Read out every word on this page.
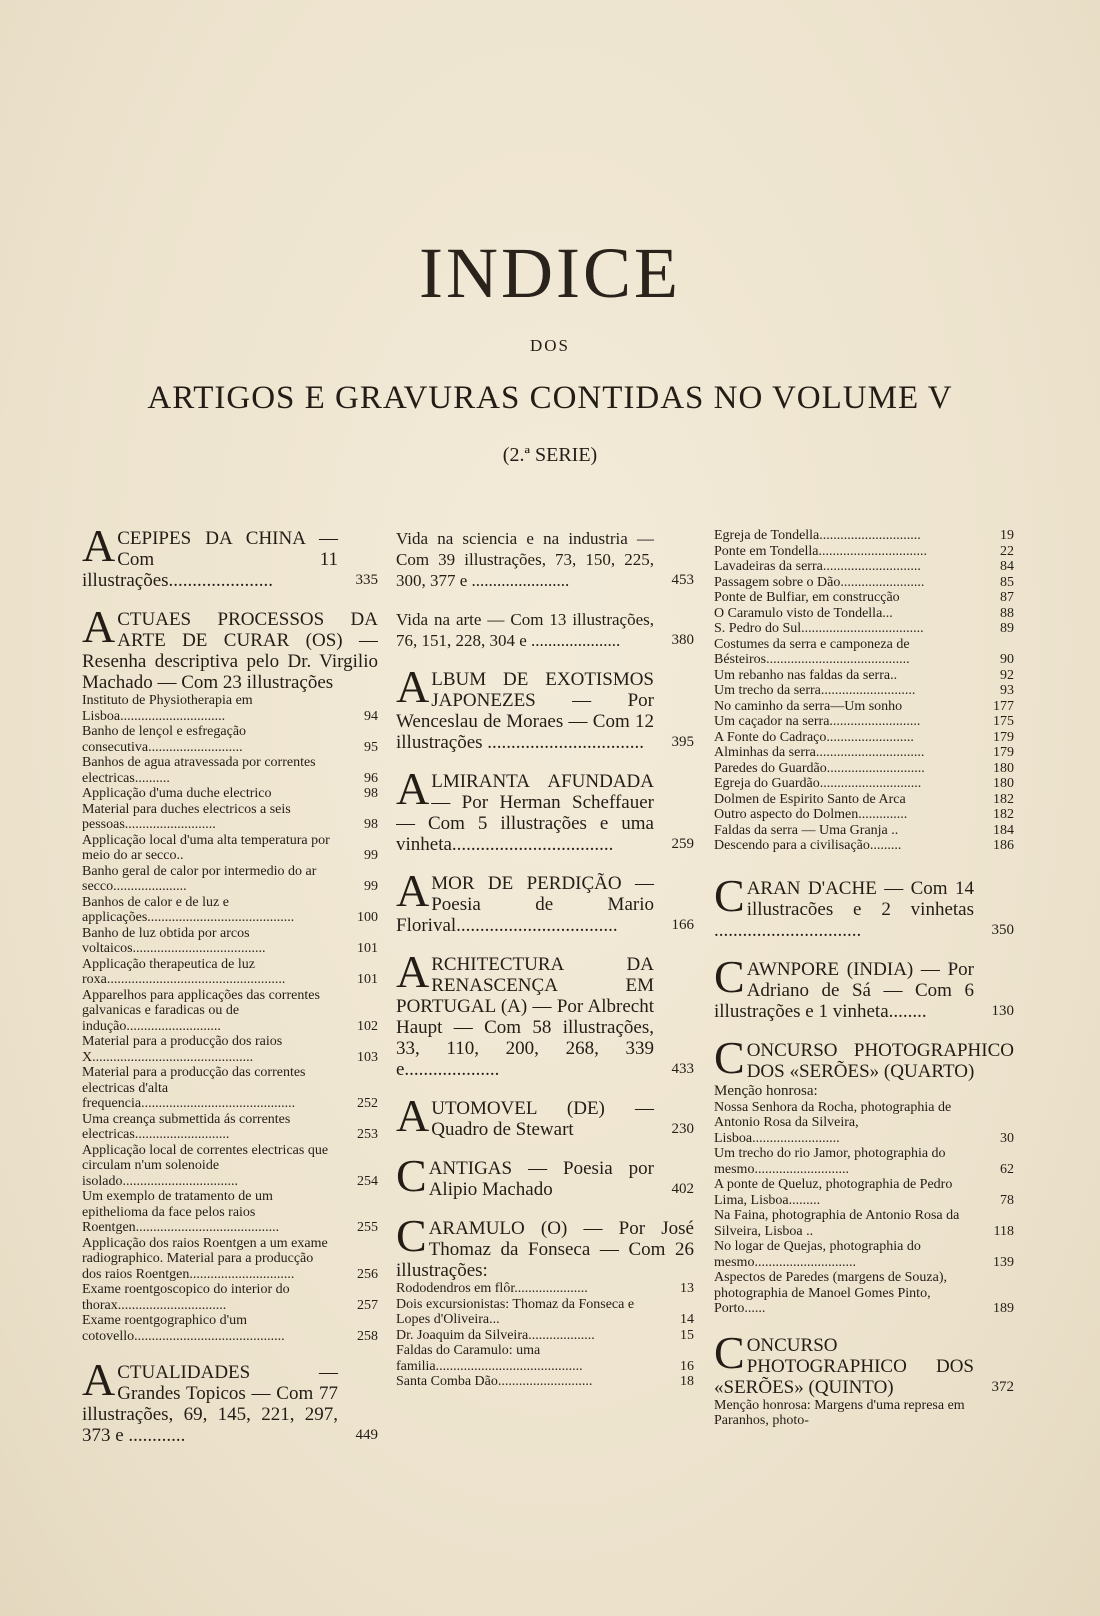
INDICE
DOS
ARTIGOS E GRAVURAS CONTIDAS NO VOLUME V
(2.ª SERIE)
A CEPIPES DA CHINA — Com 11 illustrações......................	335
A CTUAES PROCESSOS DA ARTE DE CURAR (OS) — Resenha descriptiva pelo Dr. Virgilio Machado — Com 23 illustrações
Instituto de Physiotherapia em Lisboa..............................	94
Banho de lençol e esfregação consecutiva...........................	95
Banhos de agua atravessada por correntes electricas..........	96
Applicação d'uma duche electrico	98
Material para duches electricos a seis pessoas..........................	98
Applicação local d'uma alta temperatura por meio do ar secco..	99
Banho geral de calor por intermedio do ar secco.....................	99
Banhos de calor e de luz e applicações..........................................	100
Banho de luz obtida por arcos voltaicos......................................	101
Applicação therapeutica de luz roxa...................................................	101
Apparelhos para applicações das correntes galvanicas e faradicas ou de indução...........................	102
Material para a producção dos raios X..............................................	103
Material para a producção das correntes electricas d'alta frequencia............................................	252
Uma creança submettida ás correntes electricas...........................	253
Applicação local de correntes electricas que circulam n'um solenoide isolado.................................	254
Um exemplo de tratamento de um epithelioma da face pelos raios Roentgen.........................................	255
Applicação dos raios Roentgen a um exame radiographico. Material para a producção dos raios Roentgen..............................	256
Exame roentgoscopico do interior do thorax...............................	257
Exame roentgographico d'um cotovello...........................................	258
A CTUALIDADES — Grandes Topicos — Com 77 illustrações, 69, 145, 221, 297, 373 e ............	449
Vida na sciencia e na industria — Com 39 illustrações, 73, 150, 225, 300, 377 e .......................	453
Vida na arte — Com 13 illustrações, 76, 151, 228, 304 e .....................	380
A LBUM DE EXOTISMOS JAPONEZES — Por Wenceslau de Moraes — Com 12 illustrações .................................	395
A LMIRANTA AFUNDADA — Por Herman Scheffauer — Com 5 illustrações e uma vinheta..................................	259
A MOR DE PERDIÇÃO — Poesia de Mario Florival..................................	166
A RCHITECTURA DA RENASCENÇA EM PORTUGAL (A) — Por Albrecht Haupt — Com 58 illustrações, 33, 110, 200, 268, 339 e....................	433
A UTOMOVEL (DE) — Quadro de Stewart	230
C ANTIGAS — Poesia por Alipio Machado	402
C ARAMULO (O) — Por José Thomaz da Fonseca — Com 26 illustrações:
Rododendros em flôr.....................	13
Dois excursionistas: Thomaz da Fonseca e Lopes d'Oliveira...	14
Dr. Joaquim da Silveira...................	15
Faldas do Caramulo: uma familia..........................................	16
Santa Comba Dão...........................	18
Egreja de Tondella.............................	19
Ponte em Tondella...............................	22
Lavadeiras da serra............................	84
Passagem sobre o Dão........................	85
Ponte de Bulfiar, em construcção	87
O Caramulo visto de Tondella...	88
S. Pedro do Sul...................................	89
Costumes da serra e camponeza de Bésteiros.........................................	90
Um rebanho nas faldas da serra..	92
Um trecho da serra...........................	93
No caminho da serra—Um sonho	177
Um caçador na serra..........................	175
A Fonte do Cadraço.........................	179
Alminhas da serra...............................	179
Paredes do Guardão............................	180
Egreja do Guardão.............................	180
Dolmen de Espirito Santo de Arca	182
Outro aspecto do Dolmen..............	182
Faldas da serra — Uma Granja ..	184
Descendo para a civilisação.........	186
C ARAN D'ACHE — Com 14 illustracões e 2 vinhetas ...............................	350
C AWNPORE (INDIA) — Por Adriano de Sá — Com 6 illustrações e 1 vinheta........	130
C ONCURSO PHOTOGRAPHICO DOS «SERÕES» (QUARTO)
Menção honrosa:
Nossa Senhora da Rocha, photographia de Antonio Rosa da Silveira, Lisboa.........................	30
Um trecho do rio Jamor, photographia do mesmo...........................	62
A ponte de Queluz, photographia de Pedro Lima, Lisboa.........	78
Na Faina, photographia de Antonio Rosa da Silveira, Lisboa ..	118
No logar de Quejas, photographia do mesmo.............................	139
Aspectos de Paredes (margens de Souza), photographia de Manoel Gomes Pinto, Porto......	189
C ONCURSO PHOTOGRAPHICO DOS «SERÕES» (QUINTO)	372
Menção honrosa: Margens d'uma represa em Paranhos, photo-
